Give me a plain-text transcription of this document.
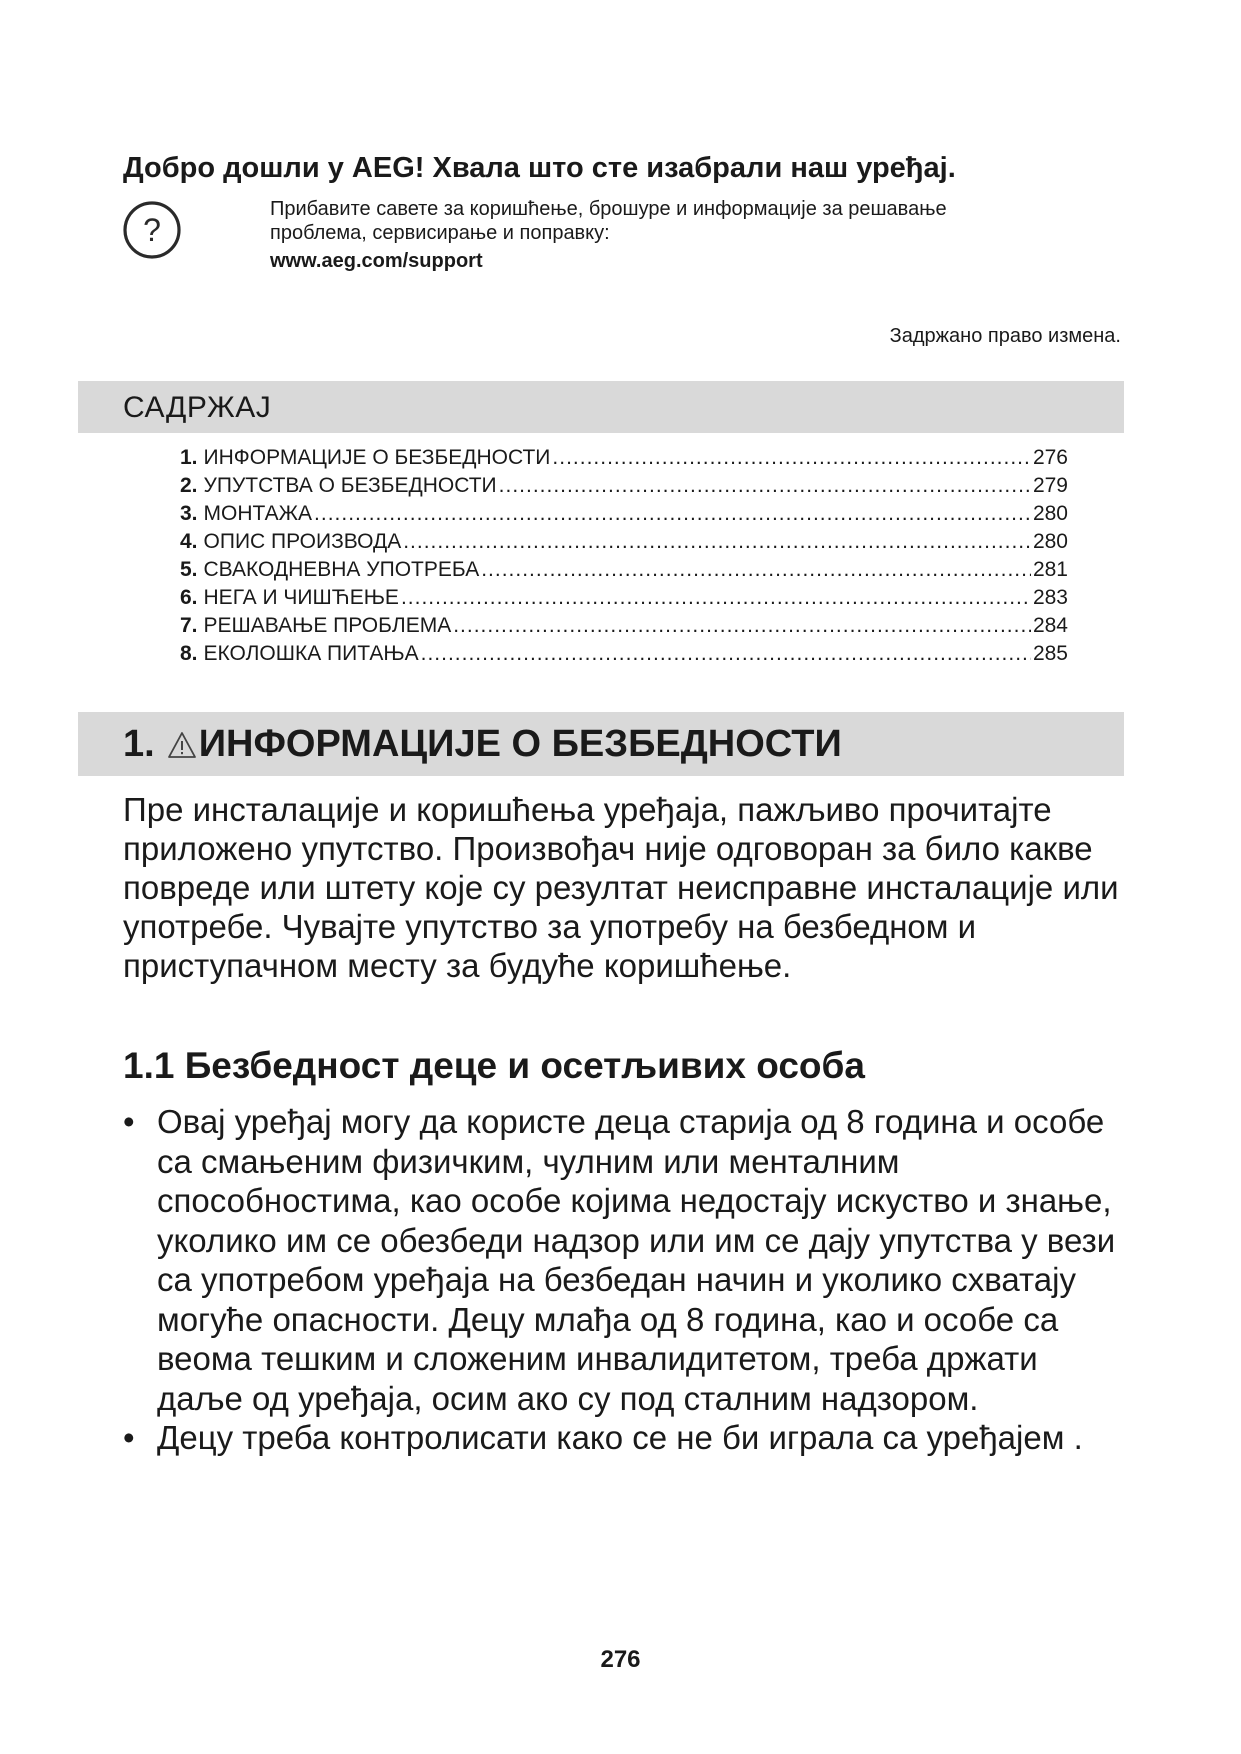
Добро дошли у AEG! Хвала што сте изабрали наш уређај.
?
Прибавите савете за коришћење, брошуре и информације за решавање
проблема, сервисирање и поправку:
www.aeg.com/support
Задржано право измена.
САДРЖАЈ
1. ИНФОРМАЦИЈЕ О БЕЗБЕДНОСТИ .....	276
2. УПУТСТВА О БЕЗБЕДНОСТИ .....	279
3. МОНТАЖА .....	280
4. ОПИС ПРОИЗВОДА .....	280
5. СВАКОДНЕВНА УПОТРЕБА .....	281
6. НЕГА И ЧИШЋЕЊЕ .....	283
7. РЕШАВАЊЕ ПРОБЛЕМА .....	284
8. ЕКОЛОШКА ПИТАЊА .....	285
1. ИНФОРМАЦИЈЕ О БЕЗБЕДНОСТИ

Пре инсталације и коришћења уређаја, пажљиво прочитајте приложено упутство. Произвођач није одговоран за било какве повреде или штету које су резултат неисправне инсталације или употребе. Чувајте упутство за употребу на безбедном и приступачном месту за будуће коришћење.

1.1 Безбедност деце и осетљивих особа
• Овај уређај могу да користе деца старија од 8 година и особе са смањеним физичким, чулним или менталним способностима, као особе којима недостају искуство и знање, уколико им се обезбеди надзор или им се дају упутства у вези са употребом уређаја на безбедан начин и уколико схватају могуће опасности. Децу млађа од 8 година, као и особе са веома тешким и сложеним инвалидитетом, треба држати даље од уређаја, осим ако су под сталним надзором.
• Децу треба контролисати како се не би играла са уређајем .
276
